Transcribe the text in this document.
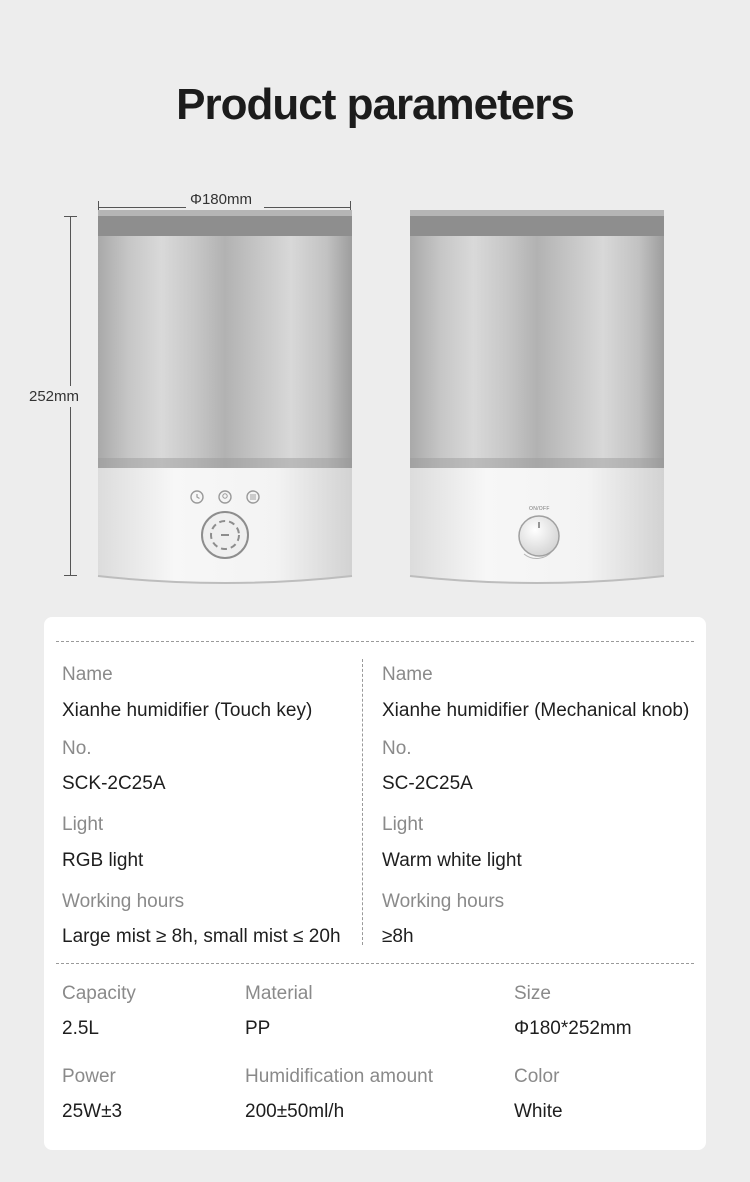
Product parameters
Φ180mm
252mm
ON/OFF
Name
Xianhe humidifier (Touch key)
No.
SCK-2C25A
Light
RGB light
Working hours
Large mist ≥ 8h, small mist ≤ 20h
Name
Xianhe humidifier (Mechanical knob)
No.
SC-2C25A
Light
Warm white light
Working hours
≥8h
Capacity
2.5L
Material
PP
Size
Φ180*252mm
Power
25W±3
Humidification amount
200±50ml/h
Color
White
